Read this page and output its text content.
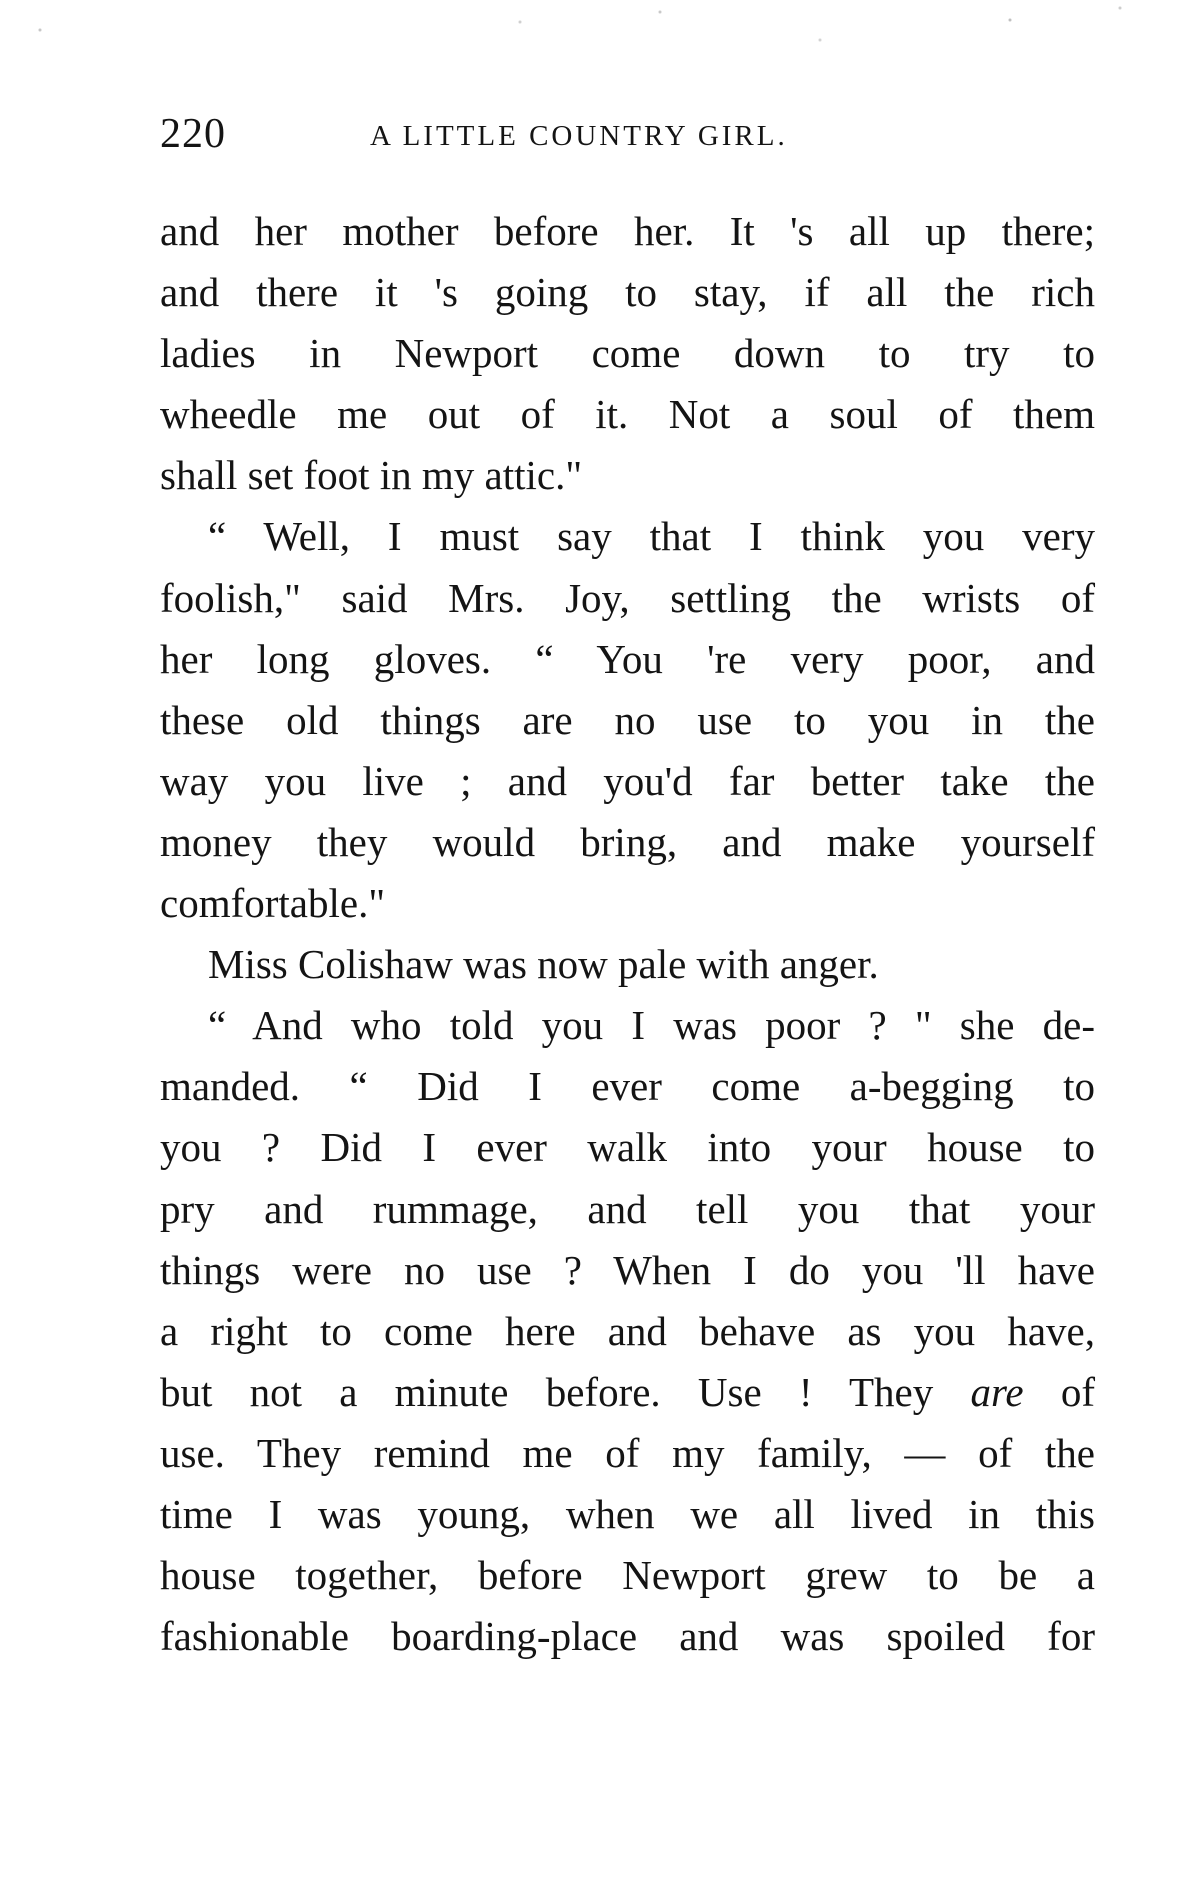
220	A LITTLE COUNTRY GIRL.
and her mother before her. It 's all up there;
and there it 's going to stay, if all the rich
ladies in Newport come down to try to
wheedle me out of it. Not a soul of them
shall set foot in my attic."
“ Well, I must say that I think you very
foolish," said Mrs. Joy, settling the wrists of
her long gloves. “ You 're very poor, and
these old things are no use to you in the
way you live ; and you'd far better take the
money they would bring, and make yourself
comfortable."
Miss Colishaw was now pale with anger.
“ And who told you I was poor ? " she de-
manded. “ Did I ever come a-begging to
you ? Did I ever walk into your house to
pry and rummage, and tell you that your
things were no use ? When I do you 'll have
a right to come here and behave as you have,
but not a minute before. Use ! They are of
use. They remind me of my family, — of the
time I was young, when we all lived in this
house together, before Newport grew to be a
fashionable boarding-place and was spoiled for
